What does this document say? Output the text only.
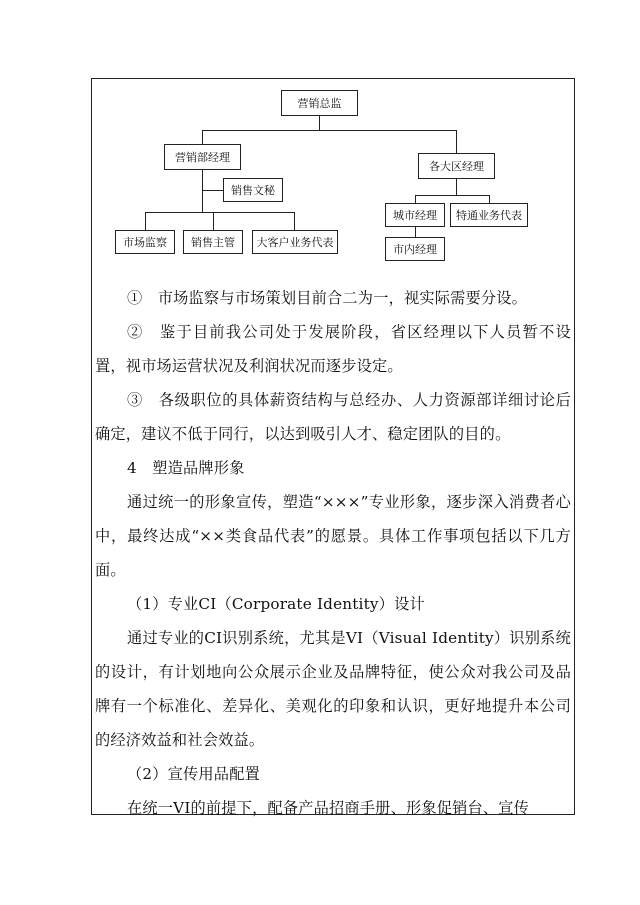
营销总监
营销部经理
各大区经理
销售文秘
市场监察	销售主管	大客户业务代表
城市经理	特通业务代表
市内经理
①　市场监察与市场策划目前合二为一，视实际需要分设。
②　鉴于目前我公司处于发展阶段，省区经理以下人员暂不设置，视市场运营状况及利润状况而逐步设定。
③　各级职位的具体薪资结构与总经办、人力资源部详细讨论后确定，建议不低于同行，以达到吸引人才、稳定团队的目的。
4　塑造品牌形象
通过统一的形象宣传，塑造“×××”专业形象，逐步深入消费者心中，最终达成“××类食品代表”的愿景。具体工作事项包括以下几方面。
（1）专业CI（Corporate Identity）设计
通过专业的CI识别系统，尤其是VI（Visual Identity）识别系统的设计，有计划地向公众展示企业及品牌特征，使公众对我公司及品牌有一个标准化、差异化、美观化的印象和认识，更好地提升本公司的经济效益和社会效益。
（2）宣传用品配置
在统一VI的前提下，配备产品招商手册、形象促销台、宣传
